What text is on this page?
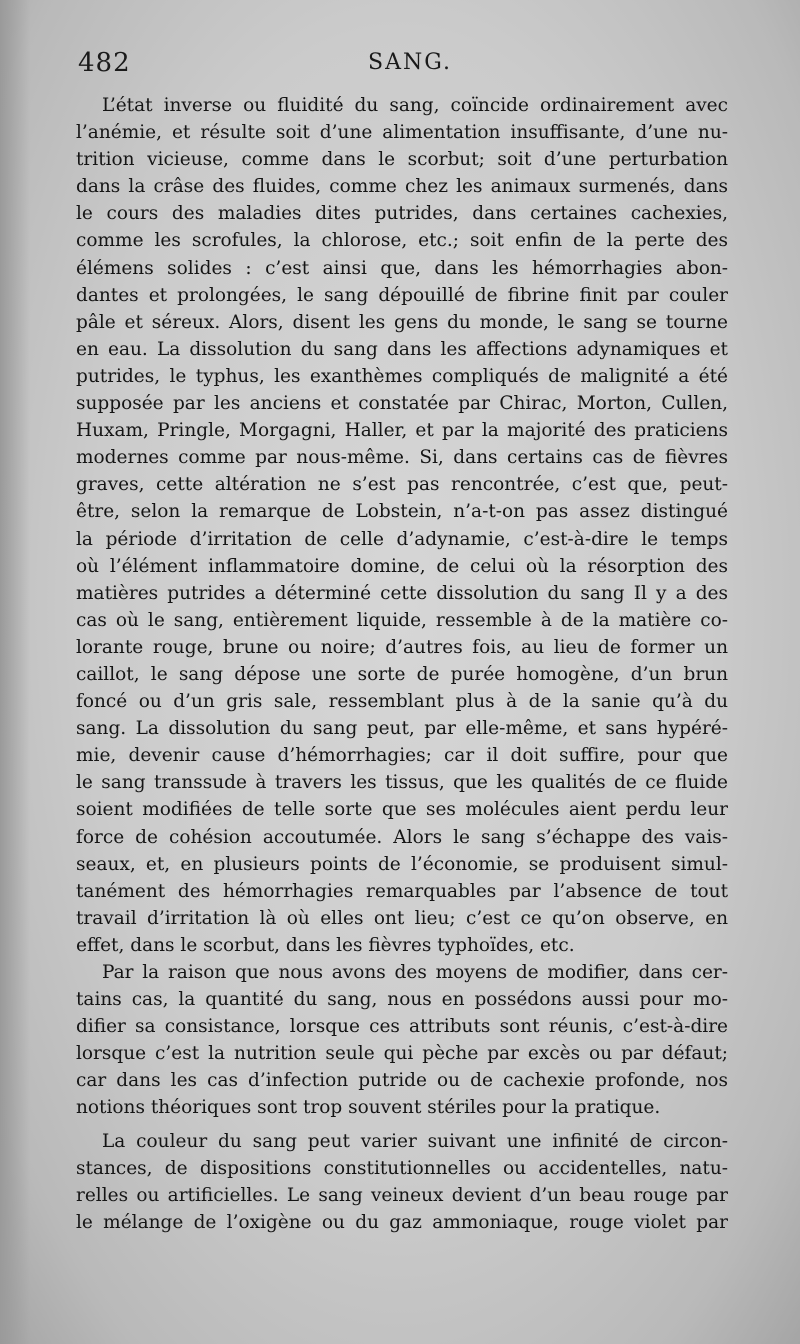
482	SANG.
L’état inverse ou fluidité du sang, coïncide ordinairement avec
l’anémie, et résulte soit d’une alimentation insuffisante, d’une nu-
trition vicieuse, comme dans le scorbut; soit d’une perturbation
dans la crâse des fluides, comme chez les animaux surmenés, dans
le cours des maladies dites putrides, dans certaines cachexies,
comme les scrofules, la chlorose, etc.; soit enfin de la perte des
élémens solides : c’est ainsi que, dans les hémorrhagies abon-
dantes et prolongées, le sang dépouillé de fibrine finit par couler
pâle et séreux. Alors, disent les gens du monde, le sang se tourne
en eau. La dissolution du sang dans les affections adynamiques et
putrides, le typhus, les exanthèmes compliqués de malignité a été
supposée par les anciens et constatée par Chirac, Morton, Cullen,
Huxam, Pringle, Morgagni, Haller, et par la majorité des praticiens
modernes comme par nous-même. Si, dans certains cas de fièvres
graves, cette altération ne s’est pas rencontrée, c’est que, peut-
être, selon la remarque de Lobstein, n’a-t-on pas assez distingué
la période d’irritation de celle d’adynamie, c’est-à-dire le temps
où l’élément inflammatoire domine, de celui où la résorption des
matières putrides a déterminé cette dissolution du sang Il y a des
cas où le sang, entièrement liquide, ressemble à de la matière co-
lorante rouge, brune ou noire; d’autres fois, au lieu de former un
caillot, le sang dépose une sorte de purée homogène, d’un brun
foncé ou d’un gris sale, ressemblant plus à de la sanie qu’à du
sang. La dissolution du sang peut, par elle-même, et sans hypéré-
mie, devenir cause d’hémorrhagies; car il doit suffire, pour que
le sang transsude à travers les tissus, que les qualités de ce fluide
soient modifiées de telle sorte que ses molécules aient perdu leur
force de cohésion accoutumée. Alors le sang s’échappe des vais-
seaux, et, en plusieurs points de l’économie, se produisent simul-
tanément des hémorrhagies remarquables par l’absence de tout
travail d’irritation là où elles ont lieu; c’est ce qu’on observe, en
effet, dans le scorbut, dans les fièvres typhoïdes, etc.
Par la raison que nous avons des moyens de modifier, dans cer-
tains cas, la quantité du sang, nous en possédons aussi pour mo-
difier sa consistance, lorsque ces attributs sont réunis, c’est-à-dire
lorsque c’est la nutrition seule qui pèche par excès ou par défaut;
car dans les cas d’infection putride ou de cachexie profonde, nos
notions théoriques sont trop souvent stériles pour la pratique.
La couleur du sang peut varier suivant une infinité de circon-
stances, de dispositions constitutionnelles ou accidentelles, natu-
relles ou artificielles. Le sang veineux devient d’un beau rouge par
le mélange de l’oxigène ou du gaz ammoniaque, rouge violet par
